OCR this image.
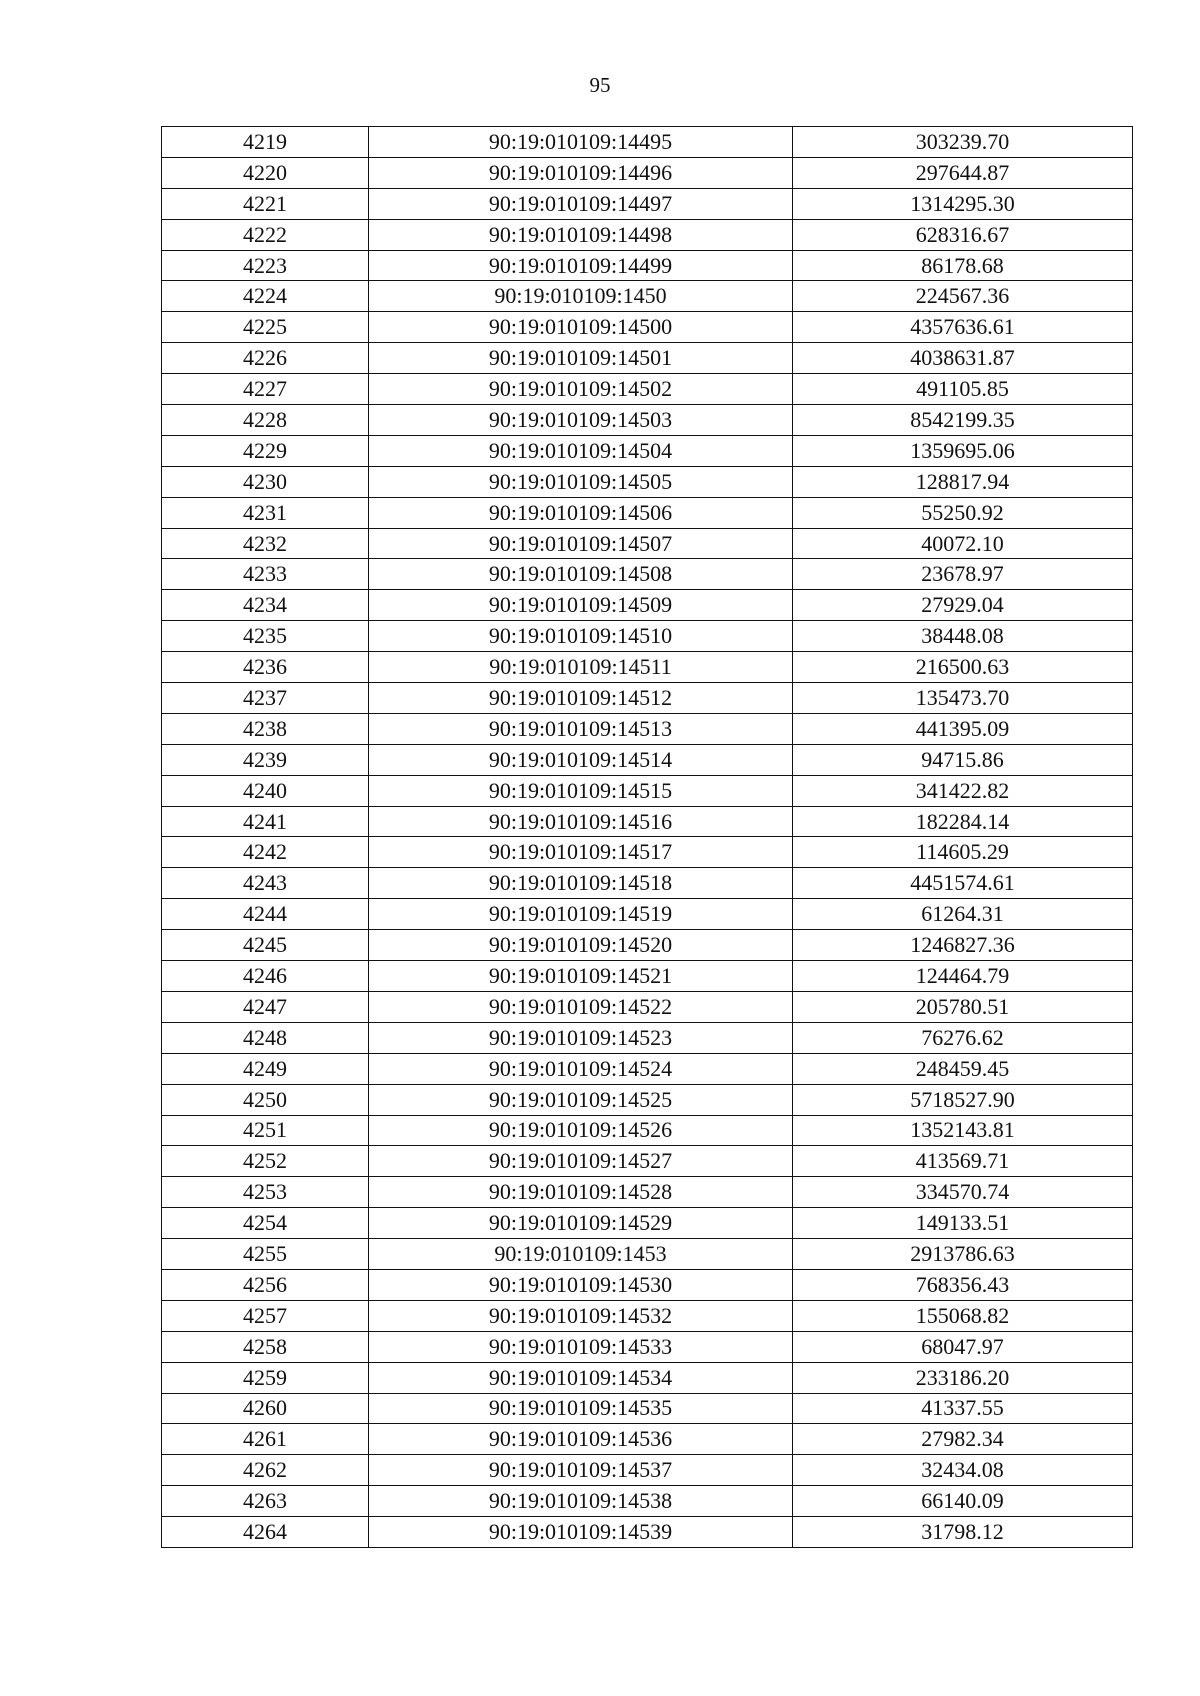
95
4219	90:19:010109:14495	303239.70
4220	90:19:010109:14496	297644.87
4221	90:19:010109:14497	1314295.30
4222	90:19:010109:14498	628316.67
4223	90:19:010109:14499	86178.68
4224	90:19:010109:1450	224567.36
4225	90:19:010109:14500	4357636.61
4226	90:19:010109:14501	4038631.87
4227	90:19:010109:14502	491105.85
4228	90:19:010109:14503	8542199.35
4229	90:19:010109:14504	1359695.06
4230	90:19:010109:14505	128817.94
4231	90:19:010109:14506	55250.92
4232	90:19:010109:14507	40072.10
4233	90:19:010109:14508	23678.97
4234	90:19:010109:14509	27929.04
4235	90:19:010109:14510	38448.08
4236	90:19:010109:14511	216500.63
4237	90:19:010109:14512	135473.70
4238	90:19:010109:14513	441395.09
4239	90:19:010109:14514	94715.86
4240	90:19:010109:14515	341422.82
4241	90:19:010109:14516	182284.14
4242	90:19:010109:14517	114605.29
4243	90:19:010109:14518	4451574.61
4244	90:19:010109:14519	61264.31
4245	90:19:010109:14520	1246827.36
4246	90:19:010109:14521	124464.79
4247	90:19:010109:14522	205780.51
4248	90:19:010109:14523	76276.62
4249	90:19:010109:14524	248459.45
4250	90:19:010109:14525	5718527.90
4251	90:19:010109:14526	1352143.81
4252	90:19:010109:14527	413569.71
4253	90:19:010109:14528	334570.74
4254	90:19:010109:14529	149133.51
4255	90:19:010109:1453	2913786.63
4256	90:19:010109:14530	768356.43
4257	90:19:010109:14532	155068.82
4258	90:19:010109:14533	68047.97
4259	90:19:010109:14534	233186.20
4260	90:19:010109:14535	41337.55
4261	90:19:010109:14536	27982.34
4262	90:19:010109:14537	32434.08
4263	90:19:010109:14538	66140.09
4264	90:19:010109:14539	31798.12
